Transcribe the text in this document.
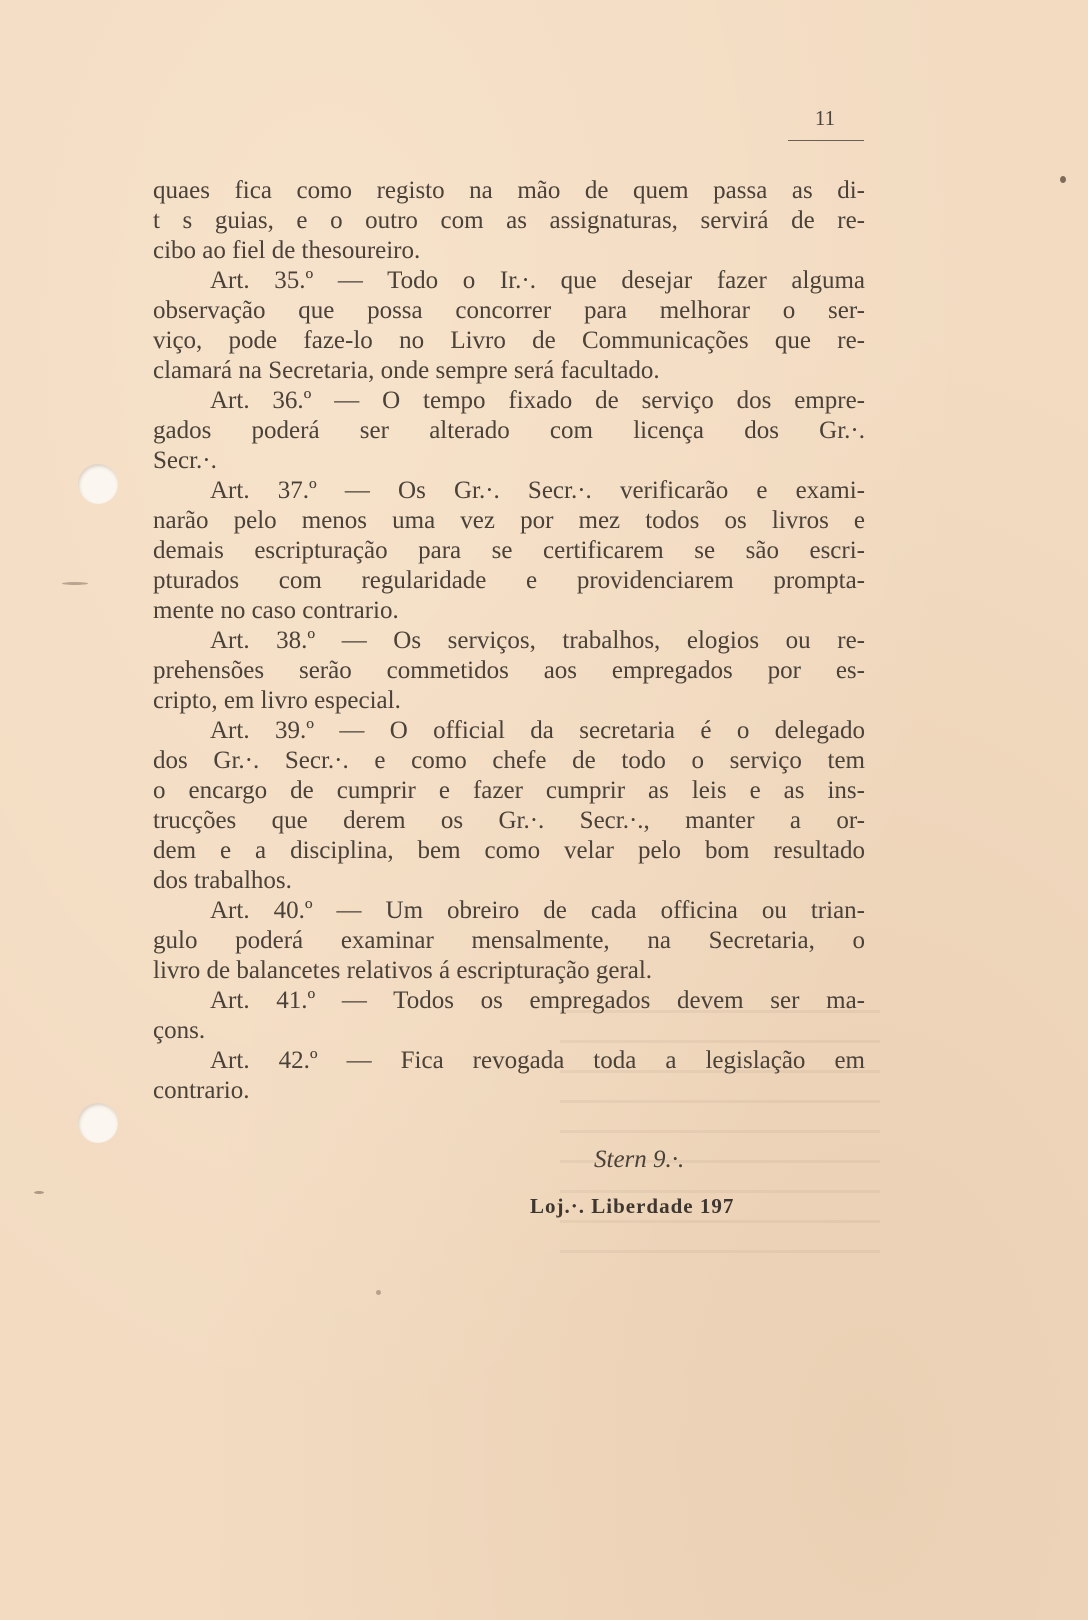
11
quaes fica como registo na mão de quem passa as di-
t s guias, e o outro com as assignaturas, servirá de re-
cibo ao fiel de thesoureiro.
Art. 35.º — Todo o Ir.·. que desejar fazer alguma
observação que possa concorrer para melhorar o ser-
viço, pode faze-lo no Livro de Communicações que re-
clamará na Secretaria, onde sempre será facultado.
Art. 36.º — O tempo fixado de serviço dos empre-
gados poderá ser alterado com licença dos Gr.·.
Secr.·.
Art. 37.º — Os Gr.·. Secr.·. verificarão e exami-
narão pelo menos uma vez por mez todos os livros e
demais escripturação para se certificarem se são escri-
pturados com regularidade e providenciarem prompta-
mente no caso contrario.
Art. 38.º — Os serviços, trabalhos, elogios ou re-
prehensões serão commetidos aos empregados por es-
cripto, em livro especial.
Art. 39.º — O official da secretaria é o delegado
dos Gr.·. Secr.·. e como chefe de todo o serviço tem
o encargo de cumprir e fazer cumprir as leis e as ins-
trucções que derem os Gr.·. Secr.·., manter a or-
dem e a disciplina, bem como velar pelo bom resultado
dos trabalhos.
Art. 40.º — Um obreiro de cada officina ou trian-
gulo poderá examinar mensalmente, na Secretaria, o
livro de balancetes relativos á escripturação geral.
Art. 41.º — Todos os empregados devem ser ma-
çons.
Art. 42.º — Fica revogada toda a legislação em
contrario.
Stern 9.·.
Loj.·. Liberdade 197
